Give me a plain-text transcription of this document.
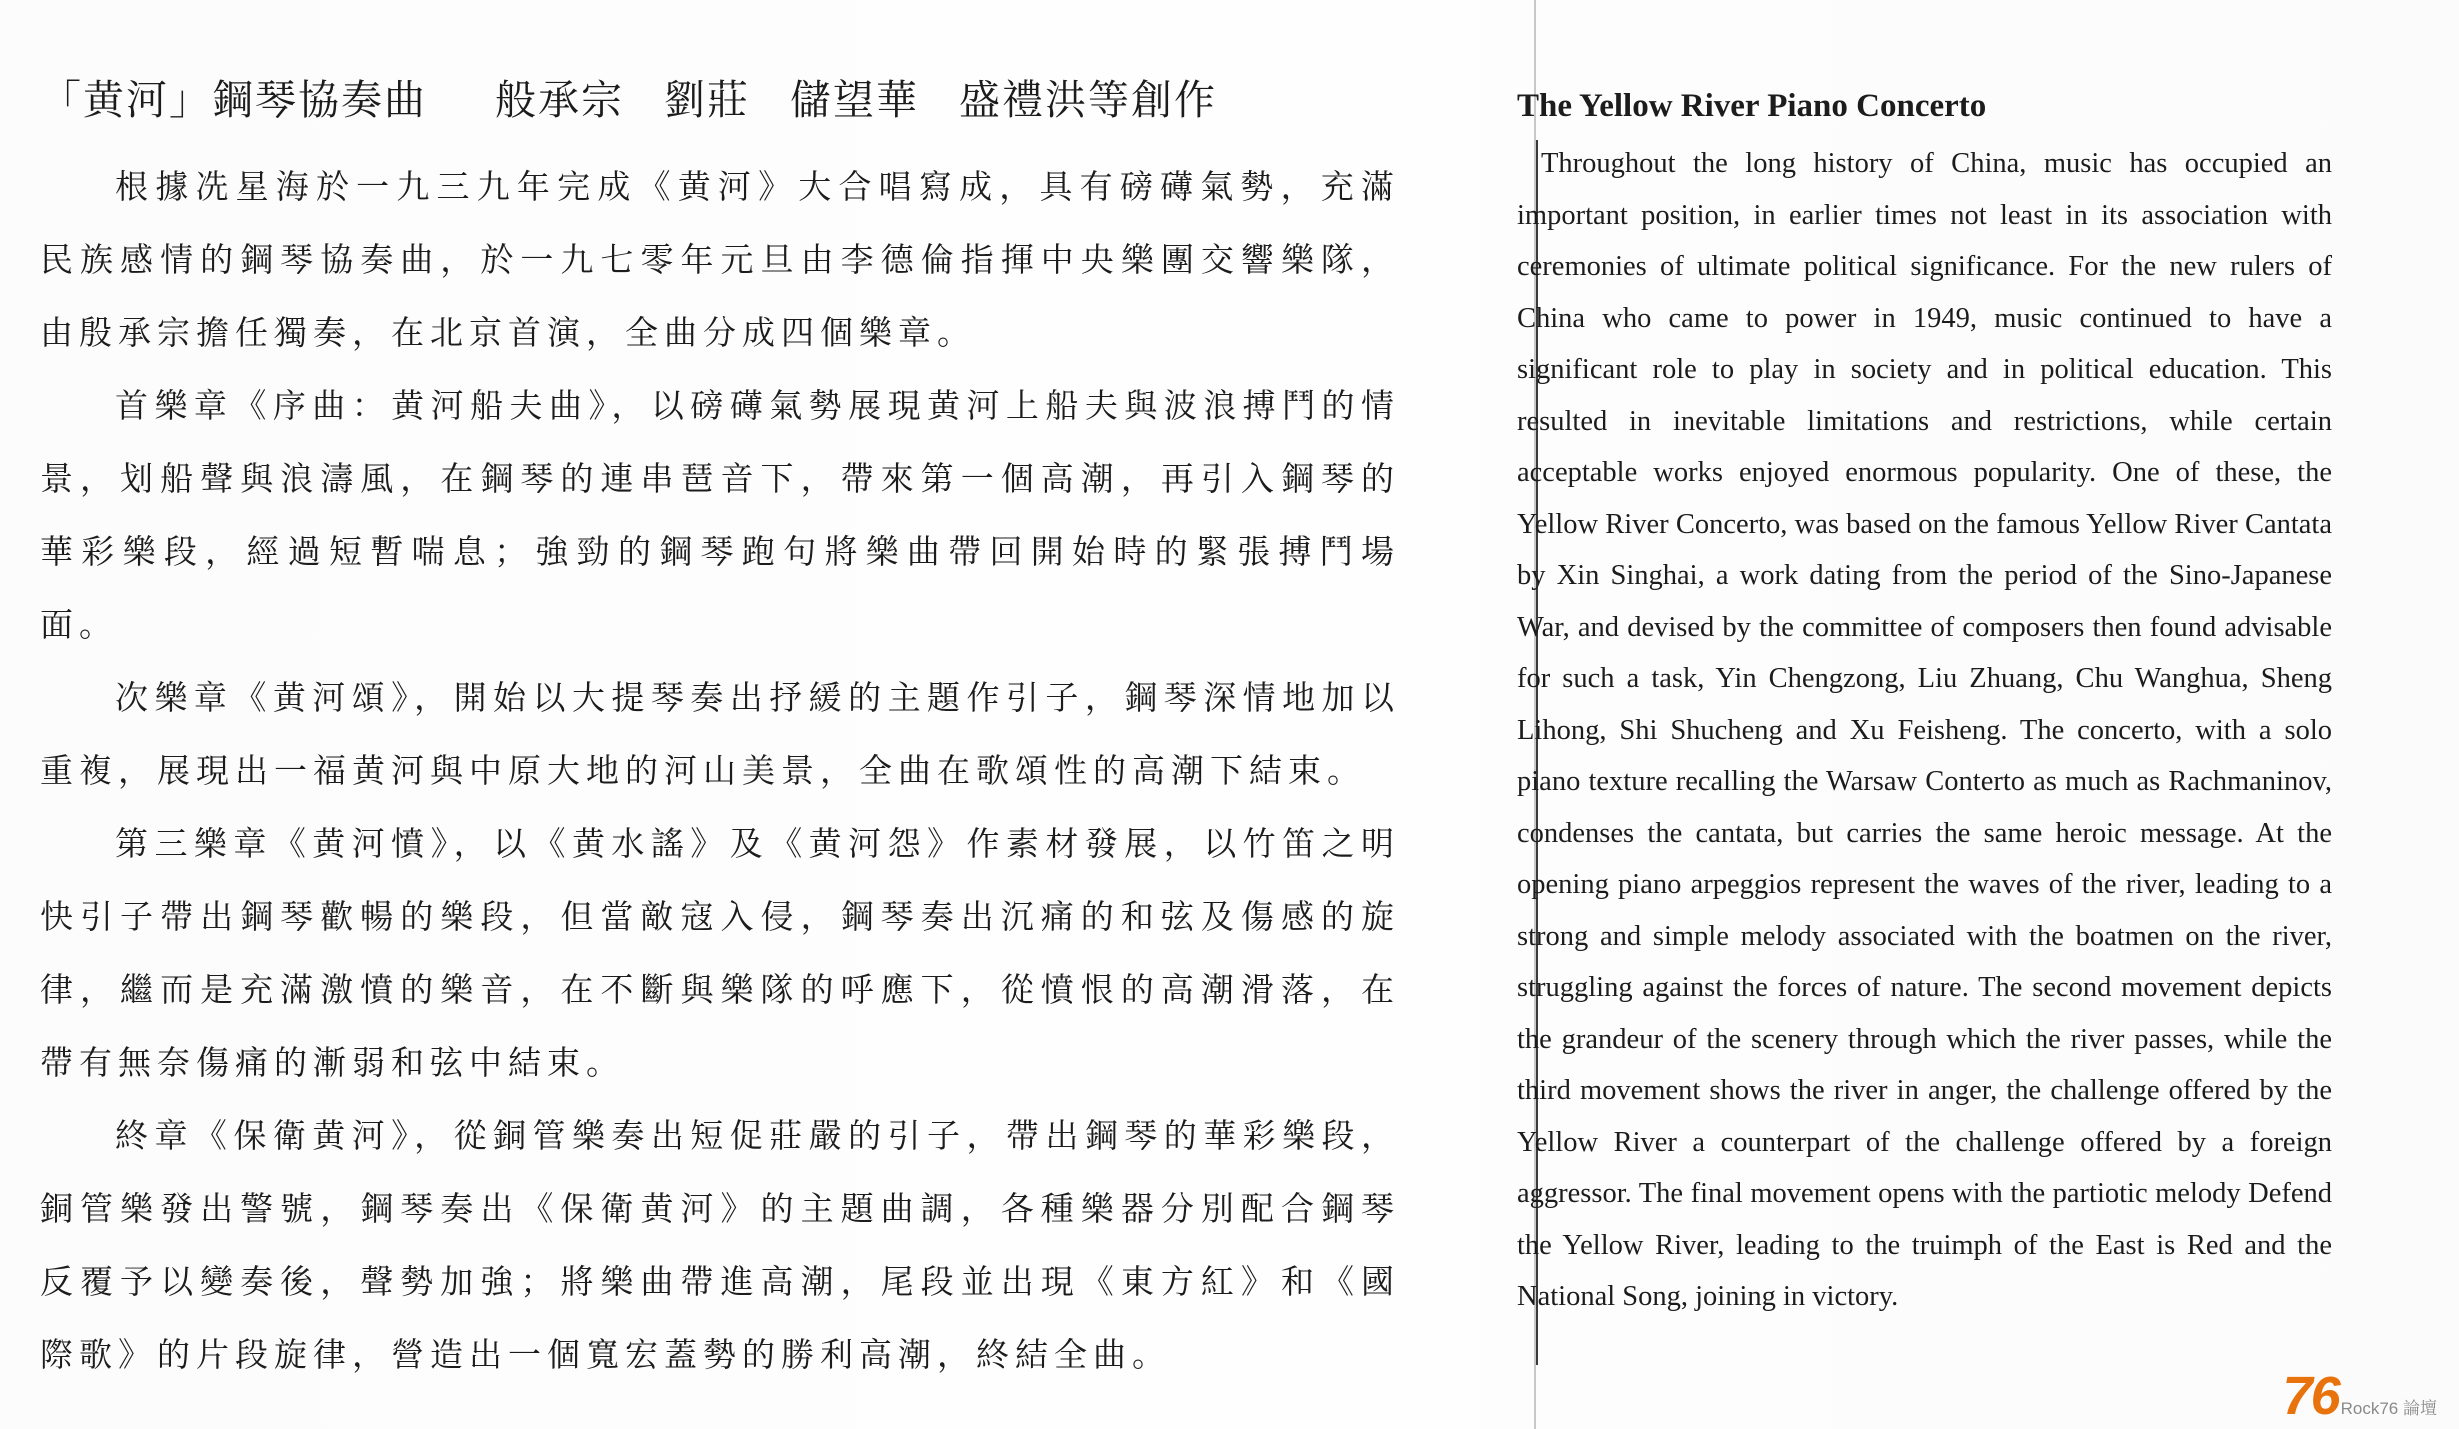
「黄河」鋼琴協奏曲 般承宗 劉莊 儲望華 盛禮洪等創作

根據冼星海於一九三九年完成《黄河》大合唱寫成，具有磅礡氣勢，充滿民族感情的鋼琴協奏曲，於一九七零年元旦由李德倫指揮中央樂團交響樂隊，由殷承宗擔任獨奏，在北京首演，全曲分成四個樂章。

首樂章《序曲：黄河船夫曲》，以磅礡氣勢展現黄河上船夫與波浪搏鬥的情景，划船聲與浪濤風，在鋼琴的連串琶音下，帶來第一個高潮，再引入鋼琴的華彩樂段，經過短暫喘息；強勁的鋼琴跑句將樂曲帶回開始時的緊張搏鬥場面。

次樂章《黄河頌》，開始以大提琴奏出抒緩的主題作引子，鋼琴深情地加以重複，展現出一福黄河與中原大地的河山美景，全曲在歌頌性的高潮下結束。

第三樂章《黄河憤》，以《黄水謠》及《黄河怨》作素材發展，以竹笛之明快引子帶出鋼琴歡暢的樂段，但當敵寇入侵，鋼琴奏出沉痛的和弦及傷感的旋律，繼而是充滿激憤的樂音，在不斷與樂隊的呼應下，從憤恨的高潮滑落，在帶有無奈傷痛的漸弱和弦中結束。

終章《保衛黄河》，從銅管樂奏出短促莊嚴的引子，帶出鋼琴的華彩樂段，銅管樂發出警號，鋼琴奏出《保衛黄河》的主題曲調，各種樂器分別配合鋼琴反覆予以變奏後，聲勢加強；將樂曲帶進高潮，尾段並出現《東方紅》和《國際歌》的片段旋律，營造出一個寬宏蓋勢的勝利高潮，終結全曲。

The Yellow River Piano Concerto

Throughout the long history of China, music has occupied an important position, in earlier times not least in its association with ceremonies of ultimate political significance. For the new rulers of China who came to power in 1949, music continued to have a significant role to play in society and in political education. This resulted in inevitable limitations and restrictions, while certain acceptable works enjoyed enormous popularity. One of these, the Yellow River Concerto, was based on the famous Yellow River Cantata by Xin Singhai, a work dating from the period of the Sino-Japanese War, and devised by the committee of composers then found advisable for such a task, Yin Chengzong, Liu Zhuang, Chu Wanghua, Sheng Lihong, Shi Shucheng and Xu Feisheng. The concerto, with a solo piano texture recalling the Warsaw Conterto as much as Rachmaninov, condenses the cantata, but carries the same heroic message. At the opening piano arpeggios represent the waves of the river, leading to a strong and simple melody associated with the boatmen on the river, struggling against the forces of nature. The second movement depicts the grandeur of the scenery through which the river passes, while the third movement shows the river in anger, the challenge offered by the Yellow River a counterpart of the challenge offered by a foreign aggressor. The final movement opens with the partiotic melody Defend the Yellow River, leading to the truimph of the East is Red and the National Song, joining in victory.

76 Rock76 論壇
